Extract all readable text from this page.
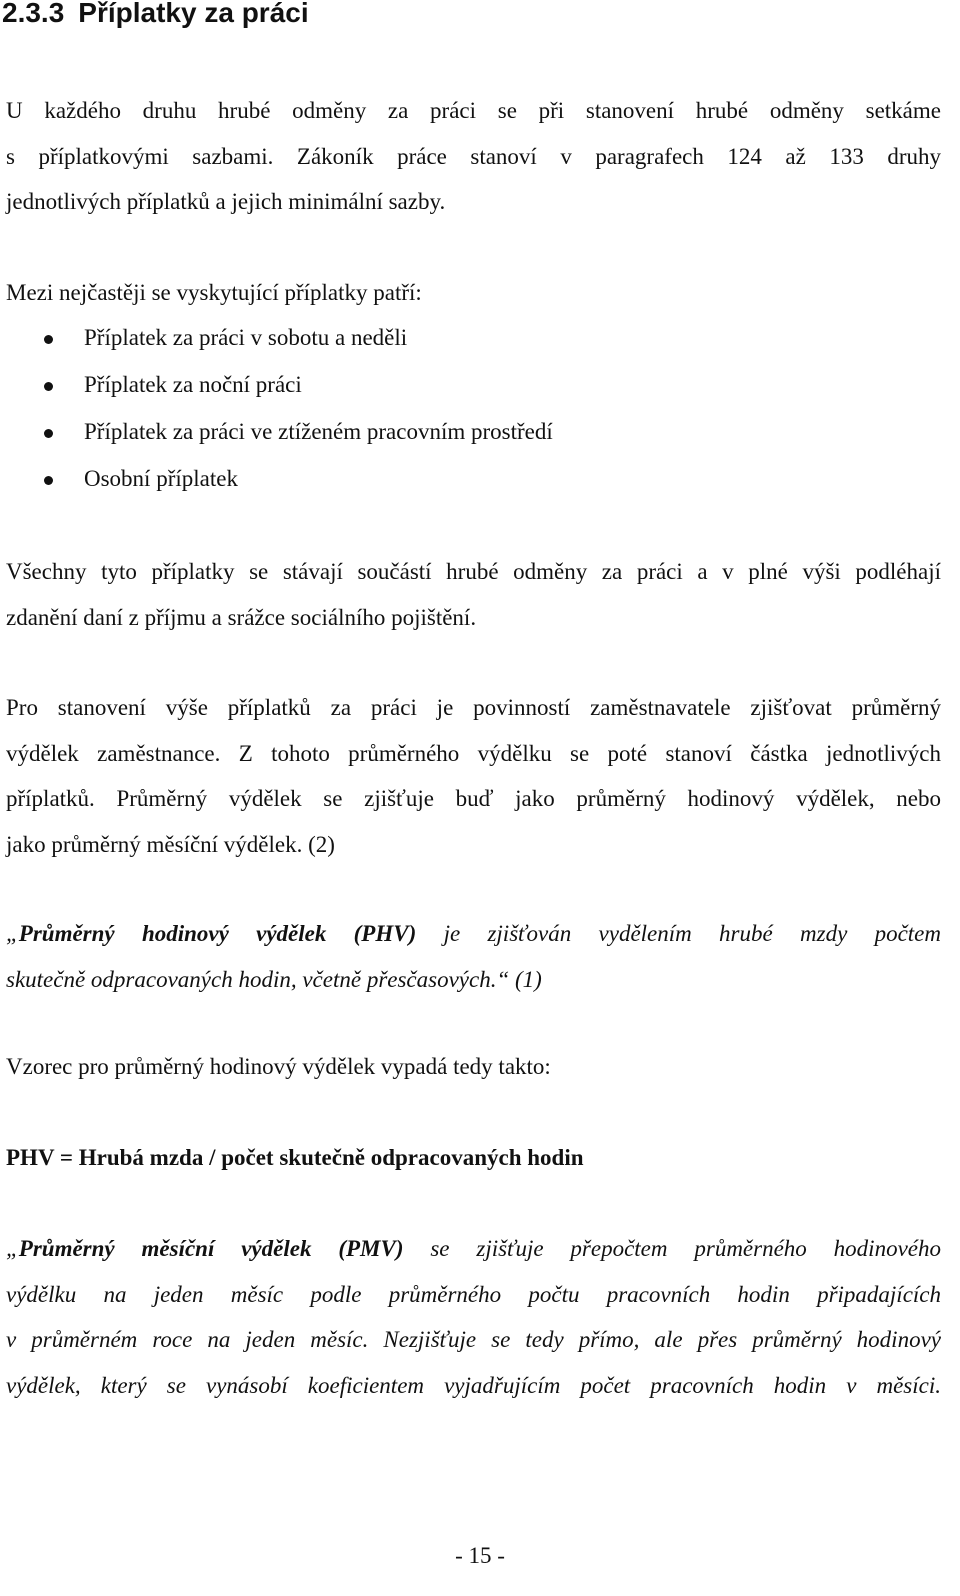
2.3.3 Příplatky za práci
U každého druhu hrubé odměny za práci se při stanovení hrubé odměny setkáme
s příplatkovými sazbami. Zákoník práce stanoví v paragrafech 124 až 133 druhy
jednotlivých příplatků a jejich minimální sazby.

Mezi nejčastěji se vyskytující příplatky patří:

Příplatek za práci v sobotu a neděli
Příplatek za noční práci
Příplatek za práci ve ztíženém pracovním prostředí
Osobní příplatek
Všechny tyto příplatky se stávají součástí hrubé odměny za práci a v plné výši podléhají
zdanění daní z příjmu a srážce sociálního pojištění.
Pro stanovení výše příplatků za práci je povinností zaměstnavatele zjišťovat průměrný
výdělek zaměstnance. Z tohoto průměrného výdělku se poté stanoví částka jednotlivých
příplatků. Průměrný výdělek se zjišťuje buď jako průměrný hodinový výdělek, nebo
jako průměrný měsíční výdělek. (2)
„Průměrný hodinový výdělek (PHV) je zjišťován vydělením hrubé mzdy počtem
skutečně odpracovaných hodin, včetně přesčasových.“ (1)

Vzorec pro průměrný hodinový výdělek vypadá tedy takto:

PHV = Hrubá mzda / počet skutečně odpracovaných hodin

„Průměrný měsíční výdělek (PMV) se zjišťuje přepočtem průměrného hodinového
výdělku na jeden měsíc podle průměrného počtu pracovních hodin připadajících
v průměrném roce na jeden měsíc. Nezjišťuje se tedy přímo, ale přes průměrný hodinový
výdělek, který se vynásobí koeficientem vyjadřujícím počet pracovních hodin v měsíci.

- 15 -
